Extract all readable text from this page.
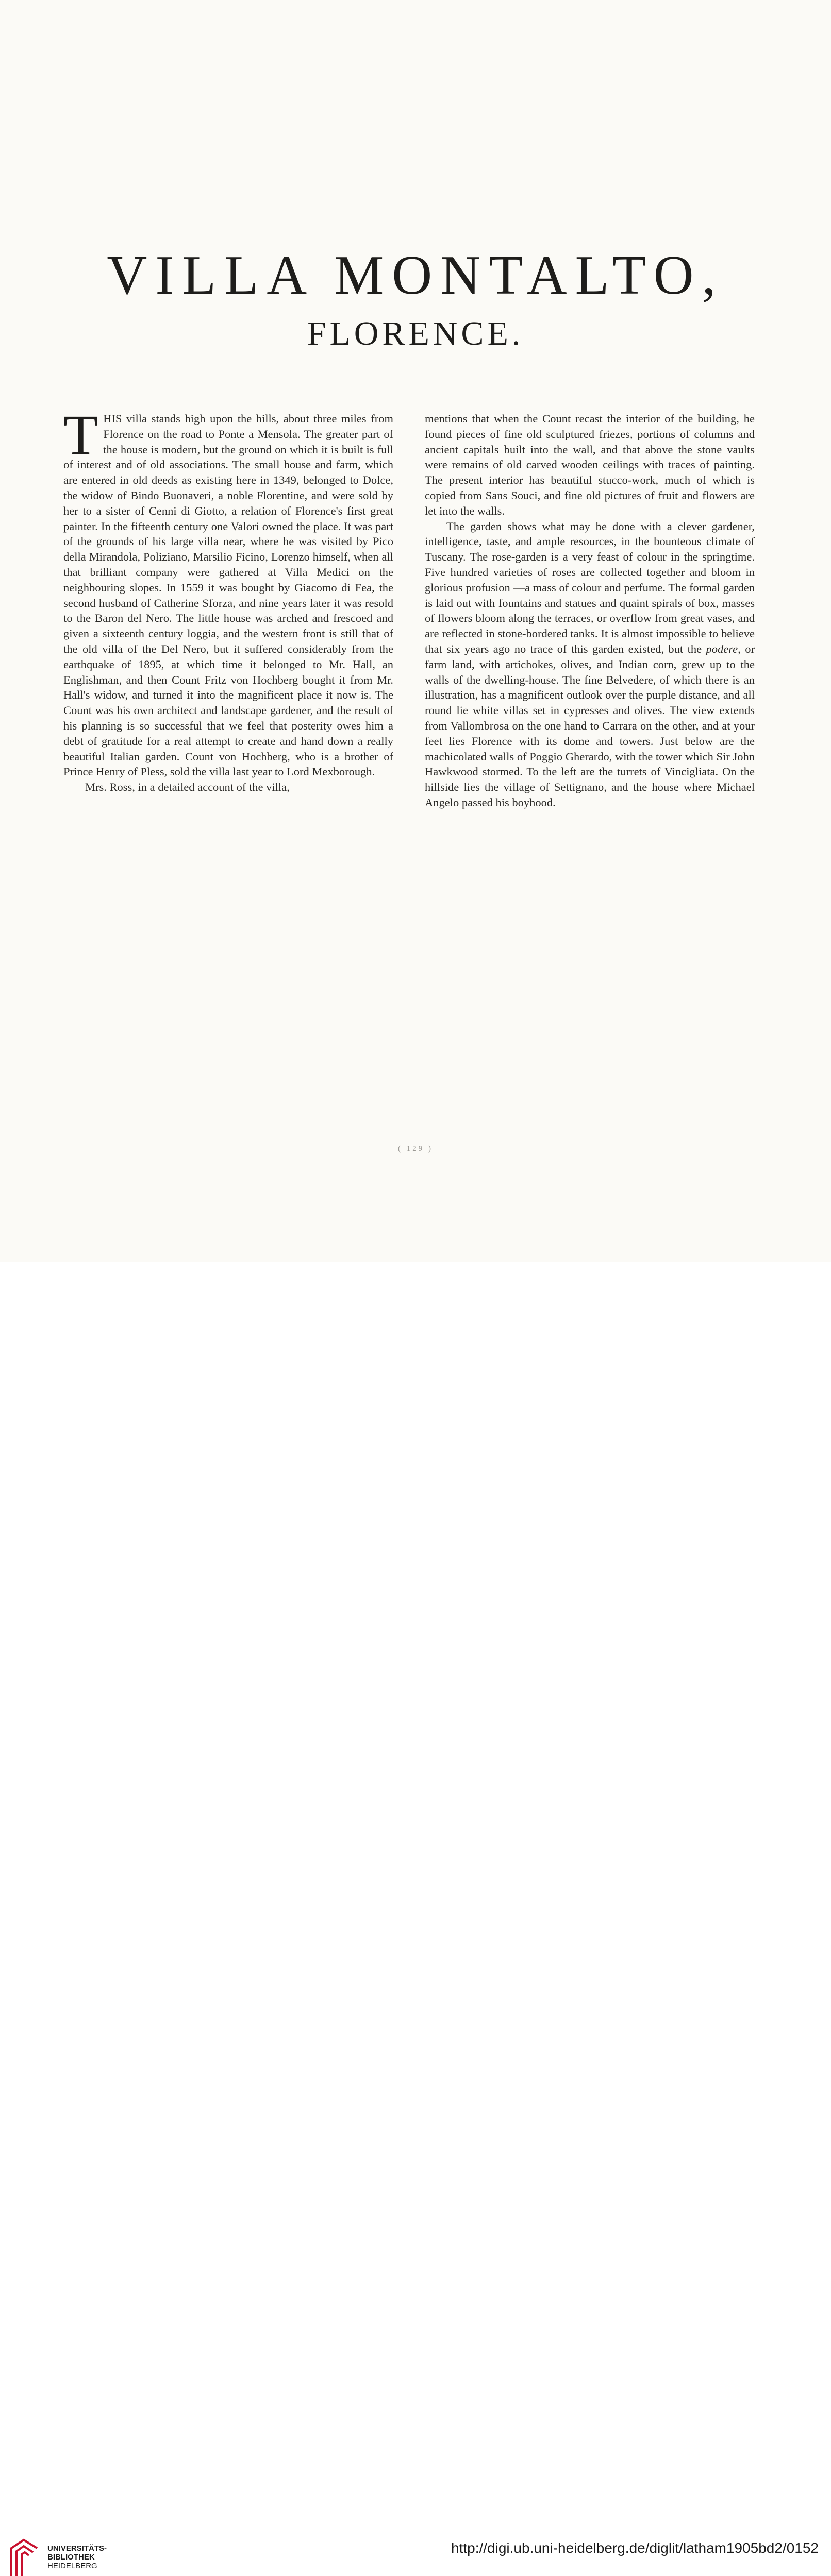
VILLA MONTALTO,
FLORENCE.

THIS villa stands high upon the hills, about three miles from Florence on the road to Ponte a Mensola. The greater part of the house is modern, but the ground on which it is built is full of interest and of old associations. The small house and farm, which are entered in old deeds as existing here in 1349, belonged to Dolce, the widow of Bindo Buonaveri, a noble Florentine, and were sold by her to a sister of Cenni di Giotto, a relation of Florence's first great painter. In the fifteenth century one Valori owned the place. It was part of the grounds of his large villa near, where he was visited by Pico della Mirandola, Poliziano, Marsilio Ficino, Lorenzo himself, when all that brilliant company were gathered at Villa Medici on the neighbouring slopes. In 1559 it was bought by Giacomo di Fea, the second husband of Catherine Sforza, and nine years later it was resold to the Baron del Nero. The little house was arched and frescoed and given a sixteenth century loggia, and the western front is still that of the old villa of the Del Nero, but it suffered considerably from the earthquake of 1895, at which time it belonged to Mr. Hall, an Englishman, and then Count Fritz von Hochberg bought it from Mr. Hall's widow, and turned it into the magnificent place it now is. The Count was his own architect and landscape gardener, and the result of his planning is so successful that we feel that posterity owes him a debt of gratitude for a real attempt to create and hand down a really beautiful Italian garden. Count von Hochberg, who is a brother of Prince Henry of Pless, sold the villa last year to Lord Mexborough.

Mrs. Ross, in a detailed account of the villa,

mentions that when the Count recast the interior of the building, he found pieces of fine old sculptured friezes, portions of columns and ancient capitals built into the wall, and that above the stone vaults were remains of old carved wooden ceilings with traces of painting. The present interior has beautiful stucco-work, much of which is copied from Sans Souci, and fine old pictures of fruit and flowers are let into the walls.

The garden shows what may be done with a clever gardener, intelligence, taste, and ample resources, in the bounteous climate of Tuscany. The rose-garden is a very feast of colour in the springtime. Five hundred varieties of roses are collected together and bloom in glorious profusion —a mass of colour and perfume. The formal garden is laid out with fountains and statues and quaint spirals of box, masses of flowers bloom along the terraces, or overflow from great vases, and are reflected in stone-bordered tanks. It is almost impossible to believe that six years ago no trace of this garden existed, but the podere, or farm land, with artichokes, olives, and Indian corn, grew up to the walls of the dwelling-house. The fine Belvedere, of which there is an illustration, has a magnificent outlook over the purple distance, and all round lie white villas set in cypresses and olives. The view extends from Vallombrosa on the one hand to Carrara on the other, and at your feet lies Florence with its dome and towers. Just below are the machicolated walls of Poggio Gherardo, with the tower which Sir John Hawkwood stormed. To the left are the turrets of Vincigliata. On the hillside lies the village of Settignano, and the house where Michael Angelo passed his boyhood.

( 129 )
UNIVERSITÄTS-
BIBLIOTHEK
HEIDELBERG
http://digi.ub.uni-heidelberg.de/diglit/latham1905bd2/0152
